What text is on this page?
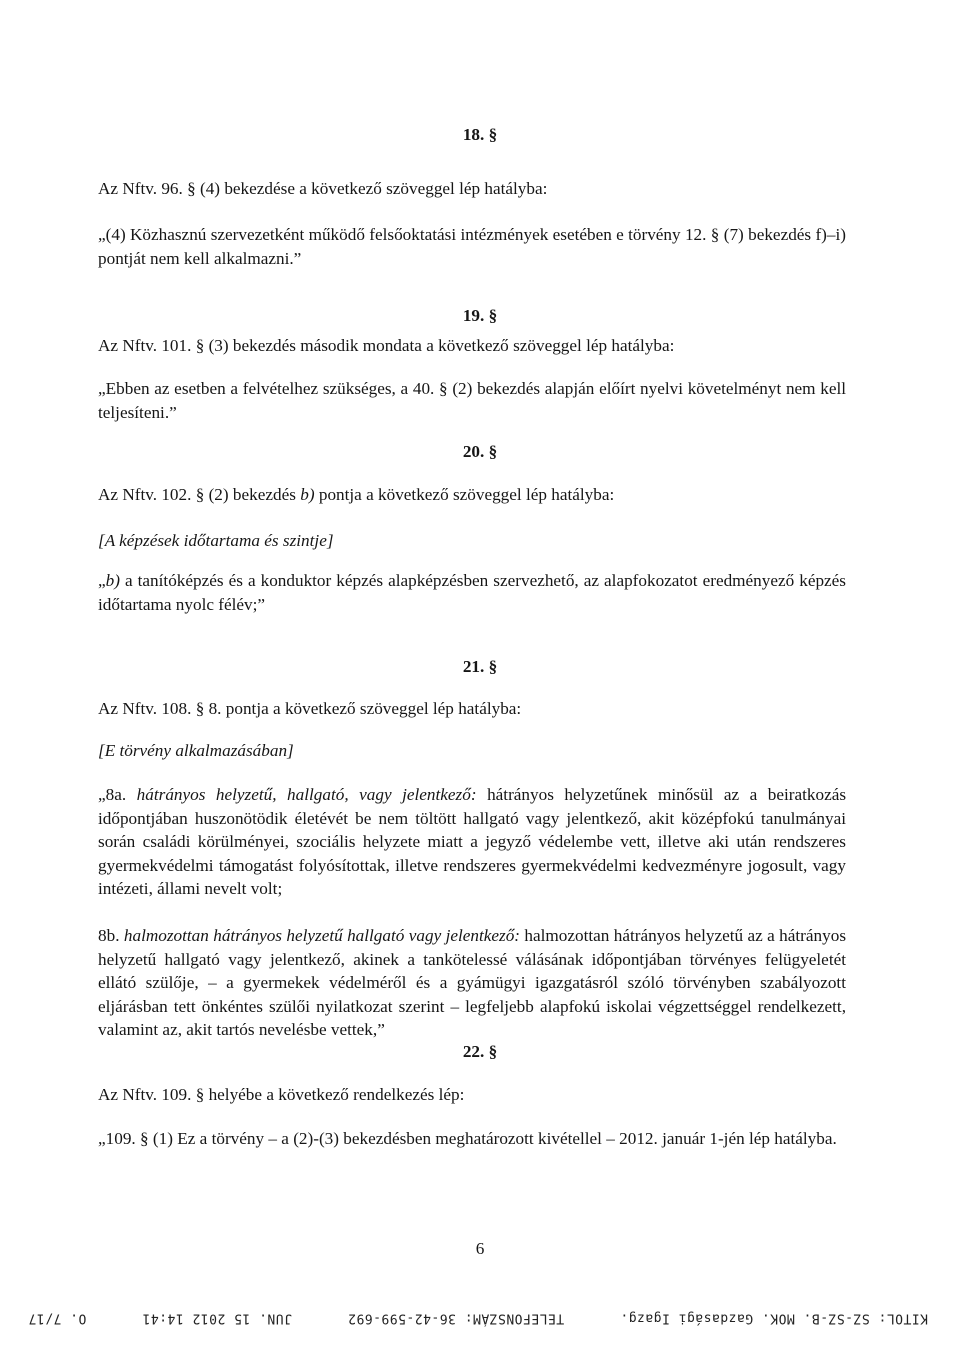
18. §

Az Nftv. 96. § (4) bekezdése a következő szöveggel lép hatályba:

„(4) Közhasznú szervezetként működő felsőoktatási intézmények esetében e törvény 12. § (7) bekezdés f)–i) pontját nem kell alkalmazni.”

19. §

Az Nftv. 101. § (3) bekezdés második mondata a következő szöveggel lép hatályba:

„Ebben az esetben a felvételhez szükséges, a 40. § (2) bekezdés alapján előírt nyelvi követelményt nem kell teljesíteni.”

20. §

Az Nftv. 102. § (2) bekezdés b) pontja a következő szöveggel lép hatályba:

[A képzések időtartama és szintje]

„b) a tanítóképzés és a konduktor képzés alapképzésben szervezhető, az alapfokozatot eredményező képzés időtartama nyolc félév;”

21. §

Az Nftv. 108. § 8. pontja a következő szöveggel lép hatályba:

[E törvény alkalmazásában]

„8a. hátrányos helyzetű, hallgató, vagy jelentkező: hátrányos helyzetűnek minősül az a beiratkozás időpontjában huszonötödik életévét be nem töltött hallgató vagy jelentkező, akit középfokú tanulmányai során családi körülményei, szociális helyzete miatt a jegyző védelembe vett, illetve aki után rendszeres gyermekvédelmi támogatást folyósítottak, illetve rendszeres gyermekvédelmi kedvezményre jogosult, vagy intézeti, állami nevelt volt;

8b. halmozottan hátrányos helyzetű hallgató vagy jelentkező: halmozottan hátrányos helyzetű az a hátrányos helyzetű hallgató vagy jelentkező, akinek a tankötelessé válásának időpontjában törvényes felügyeletét ellátó szülője, – a gyermekek védelméről és a gyámügyi igazgatásról szóló törvényben szabályozott eljárásban tett önkéntes szülői nyilatkozat szerint – legfeljebb alapfokú iskolai végzettséggel rendelkezett, valamint az, akit tartós nevelésbe vettek,”

22. §

Az Nftv. 109. § helyébe a következő rendelkezés lép:

„109. § (1) Ez a törvény – a (2)-(3) bekezdésben meghatározott kivétellel – 2012. január 1-jén lép hatályba.

6

KITOL: SZ-SZ-B. MOK. Gazdasági Igazg.
TELEFONSZÁM: 36-42-599-692
JUN. 15 2012 14:41
O. 7/17
